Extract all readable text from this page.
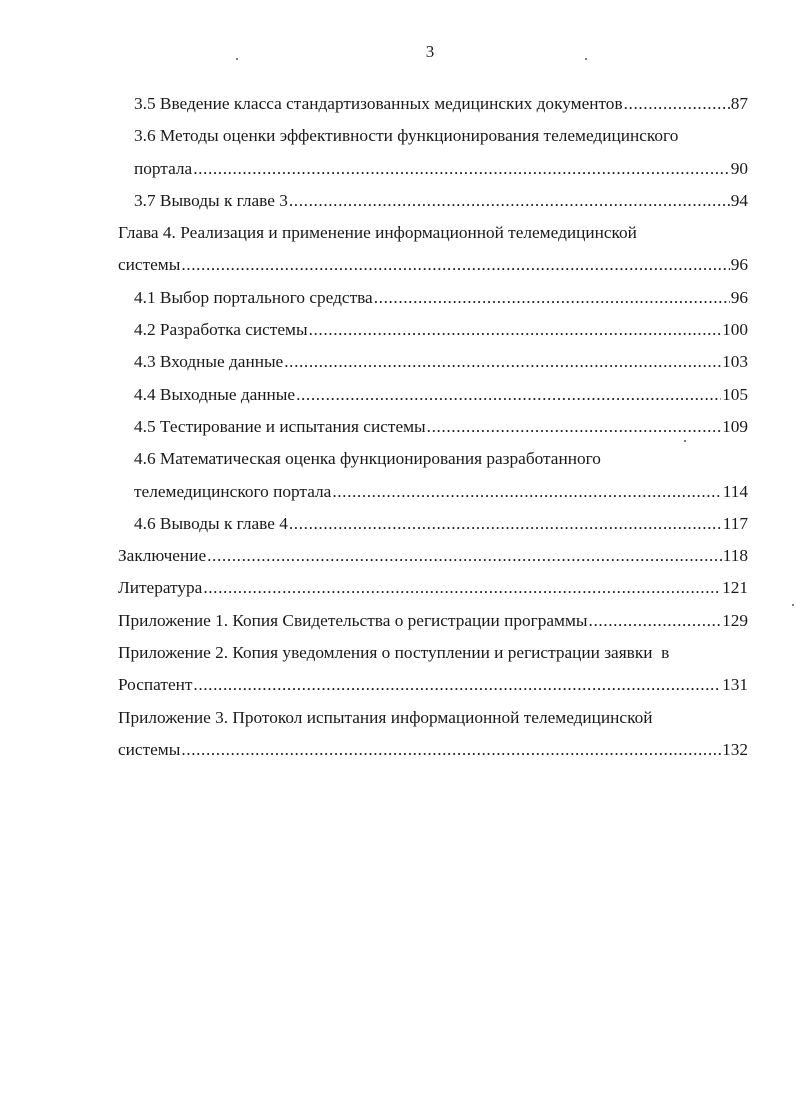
3
3.5 Введение класса стандартизованных медицинских документов .....	87
3.6 Методы оценки эффективности функционирования телемедицинского
портала .....	90
3.7 Выводы к главе 3 .....	94
Глава 4. Реализация и применение информационной телемедицинской
системы .....	96
4.1 Выбор портального средства .....	96
4.2 Разработка системы .....	100
4.3 Входные данные .....	103
4.4 Выходные данные .....	105
4.5 Тестирование и испытания системы .....	109
4.6 Математическая оценка функционирования разработанного
телемедицинского портала .....	114
4.6 Выводы к главе 4 .....	117
Заключение .....	118
Литература .....	121
Приложение 1. Копия Свидетельства о регистрации программы .....	129
Приложение 2. Копия уведомления о поступлении и регистрации заявки  в
Роспатент .....	131
Приложение 3. Протокол испытания информационной телемедицинской
системы .....	132
